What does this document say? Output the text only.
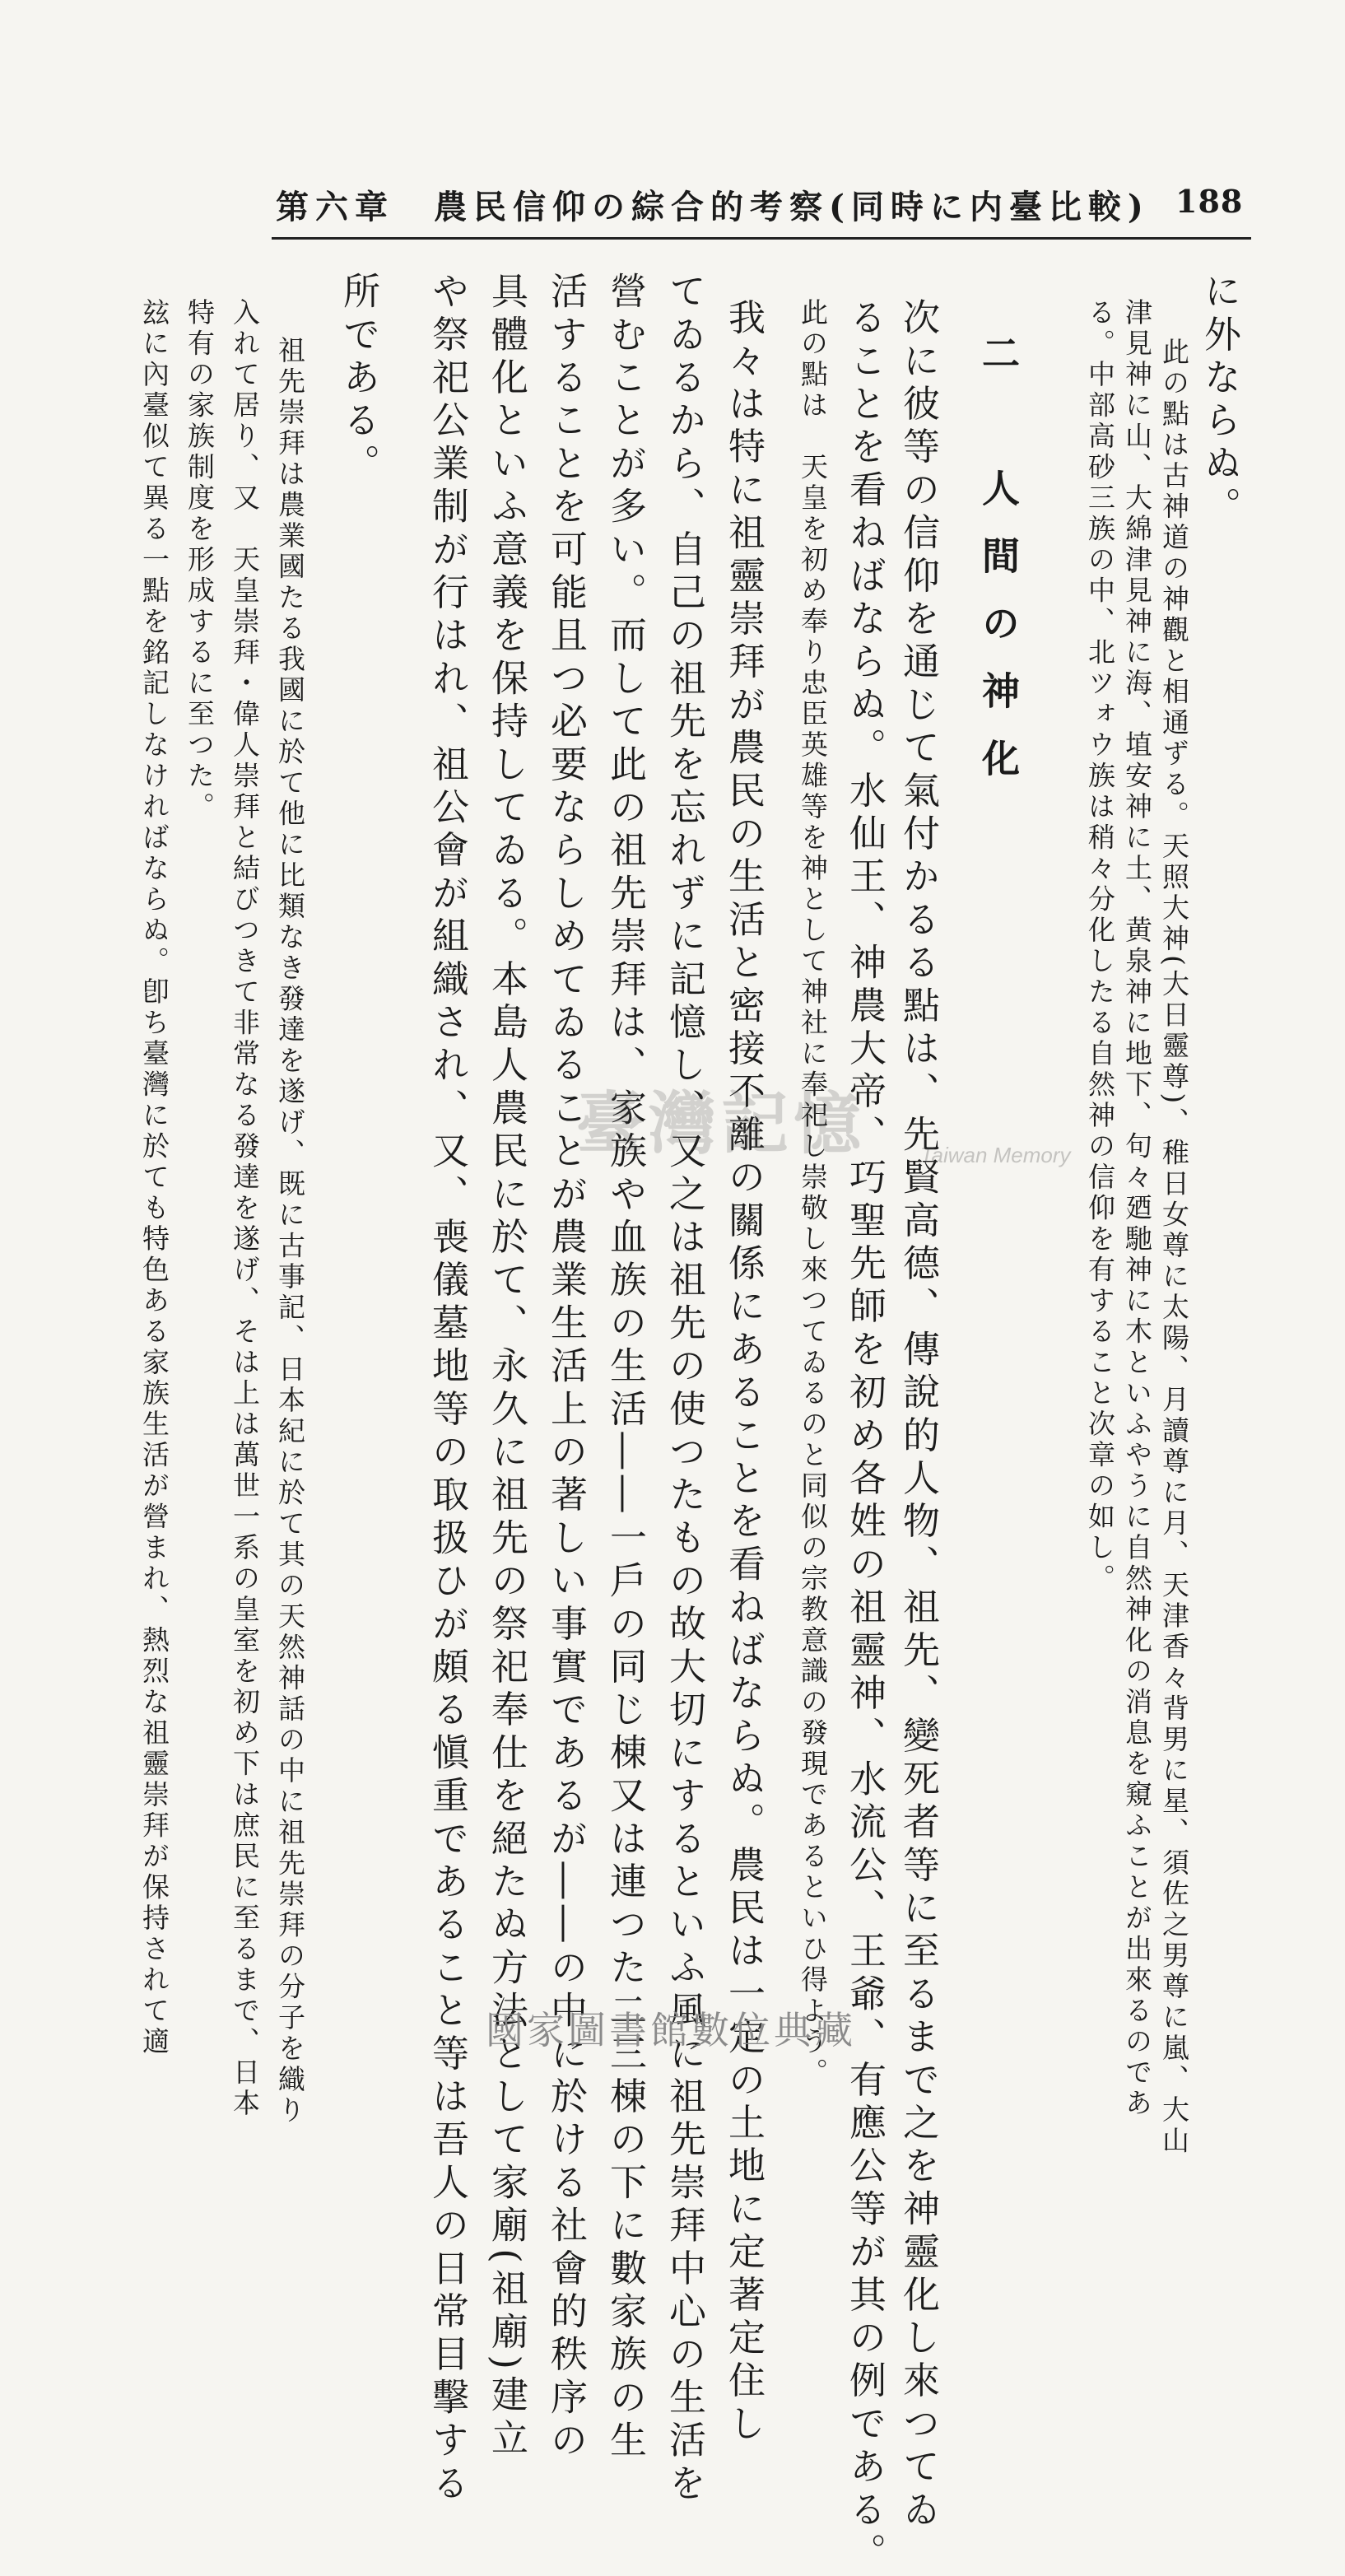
188
第六章　農民信仰の綜合的考察(同時に内臺比較)
に外ならぬ。
此の點は古神道の神觀と相通ずる。天照大神(大日靈尊)、稚日女尊に太陽、月讀尊に月、天津香々背男に星、須佐之男尊に嵐、大山
津見神に山、大綿津見神に海、埴安神に土、黄泉神に地下、句々廼馳神に木といふやうに自然神化の消息を窺ふことが出來るのであ
る。中部高砂三族の中、北ツォウ族は稍々分化したる自然神の信仰を有すること次章の如し。
二　人間の神化
次に彼等の信仰を通じて氣付かるる點は、先賢高德、傳說的人物、祖先、變死者等に至るまで之を神靈化し來つてゐ
ることを看ねばならぬ。水仙王、神農大帝、巧聖先師を初め各姓の祖靈神、水流公、王爺、有應公等が其の例である。
此の點は　天皇を初め奉り忠臣英雄等を神として神社に奉祀し崇敬し來つてゐるのと同似の宗教意識の發現であるといひ得よう。
我々は特に祖靈崇拜が農民の生活と密接不離の關係にあることを看ねばならぬ。農民は一定の土地に定著定住し
てゐるから、自己の祖先を忘れずに記憶し、又之は祖先の使つたもの故大切にするといふ風に祖先崇拜中心の生活を
營むことが多い。而して此の祖先崇拜は、家族や血族の生活――一戶の同じ棟又は連つた二三棟の下に數家族の生
活することを可能且つ必要ならしめてゐることが農業生活上の著しい事實であるが――の中に於ける社會的秩序の
具體化といふ意義を保持してゐる。本島人農民に於て、永久に祖先の祭祀奉仕を絕たぬ方法として家廟(祖廟)建立
や祭祀公業制が行はれ、祖公會が組織され、又、喪儀墓地等の取扱ひが頗る愼重であること等は吾人の日常目擊する
所である。
祖先崇拜は農業國たる我國に於て他に比類なき發達を遂げ、既に古事記、日本紀に於て其の天然神話の中に祖先崇拜の分子を織り
入れて居り、又　天皇崇拜・偉人崇拜と結びつきて非常なる發達を遂げ、そは上は萬世一系の皇室を初め下は庶民に至るまで、日本
特有の家族制度を形成するに至つた。
玆に內臺似て異る一點を銘記しなければならぬ。卽ち臺灣に於ても特色ある家族生活が營まれ、熱烈な祖靈崇拜が保持されて適	臺灣記憶	Taiwan Memory
國家圖書館數位典藏
